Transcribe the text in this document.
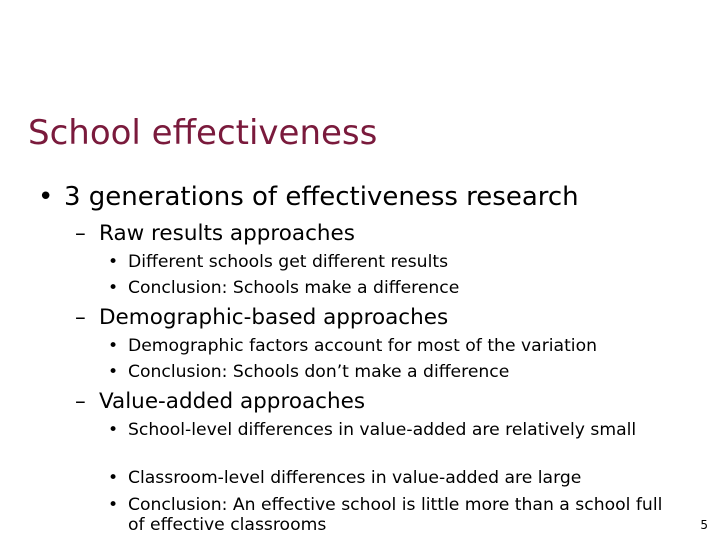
School effectiveness
• 3 generations of effectiveness research
– Raw results approaches
• Different schools get different results
• Conclusion: Schools make a difference
– Demographic-based approaches
• Demographic factors account for most of the variation
• Conclusion: Schools don’t make a difference
– Value-added approaches
• School-level differences in value-added are relatively small
• Classroom-level differences in value-added are large
• Conclusion: An effective school is little more than a school full of effective classrooms	5
